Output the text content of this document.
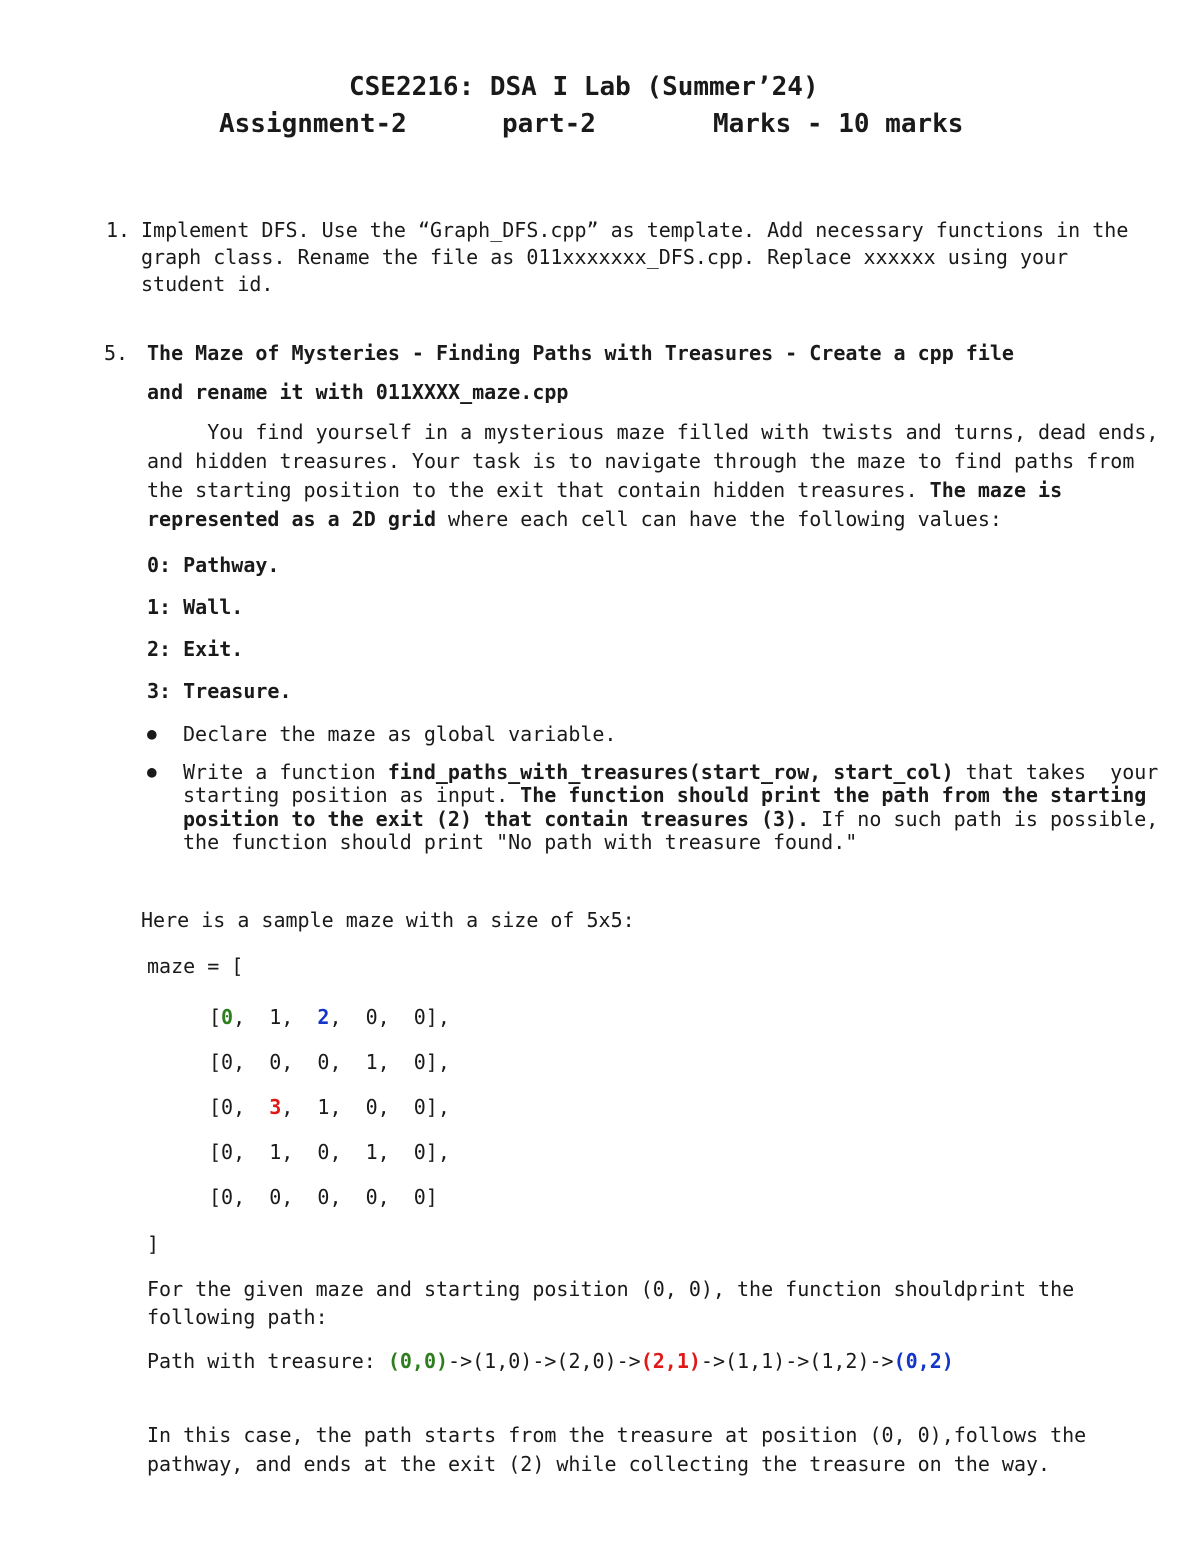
CSE2216: DSA I Lab (Summer’24)
Assignment-2	part-2	Marks - 10 marks
1. Implement DFS. Use the “Graph_DFS.cpp” as template. Add necessary functions in the
graph class. Rename the file as 011xxxxxxx_DFS.cpp. Replace xxxxxx using your
student id.
5. The Maze of Mysteries - Finding Paths with Treasures - Create a cpp file
and rename it with 011XXXX_maze.cpp
You find yourself in a mysterious maze filled with twists and turns, dead ends,
and hidden treasures. Your task is to navigate through the maze to find paths from
the starting position to the exit that contain hidden treasures. The maze is
represented as a 2D grid where each cell can have the following values:
0: Pathway.
1: Wall.
2: Exit.
3: Treasure.
● Declare the maze as global variable.
● Write a function find_paths_with_treasures(start_row, start_col) that takes  your
starting position as input. The function should print the path from the starting
position to the exit (2) that contain treasures (3). If no such path is possible,
the function should print "No path with treasure found."
Here is a sample maze with a size of 5x5:
maze = [
[0,  1,  2,  0,  0],
[0,  0,  0,  1,  0],
[0,  3,  1,  0,  0],
[0,  1,  0,  1,  0],
[0,  0,  0,  0,  0]
]
For the given maze and starting position (0, 0), the function shouldprint the
following path:
Path with treasure: (0,0)->(1,0)->(2,0)->(2,1)->(1,1)->(1,2)->(0,2)
In this case, the path starts from the treasure at position (0, 0),follows the
pathway, and ends at the exit (2) while collecting the treasure on the way.
